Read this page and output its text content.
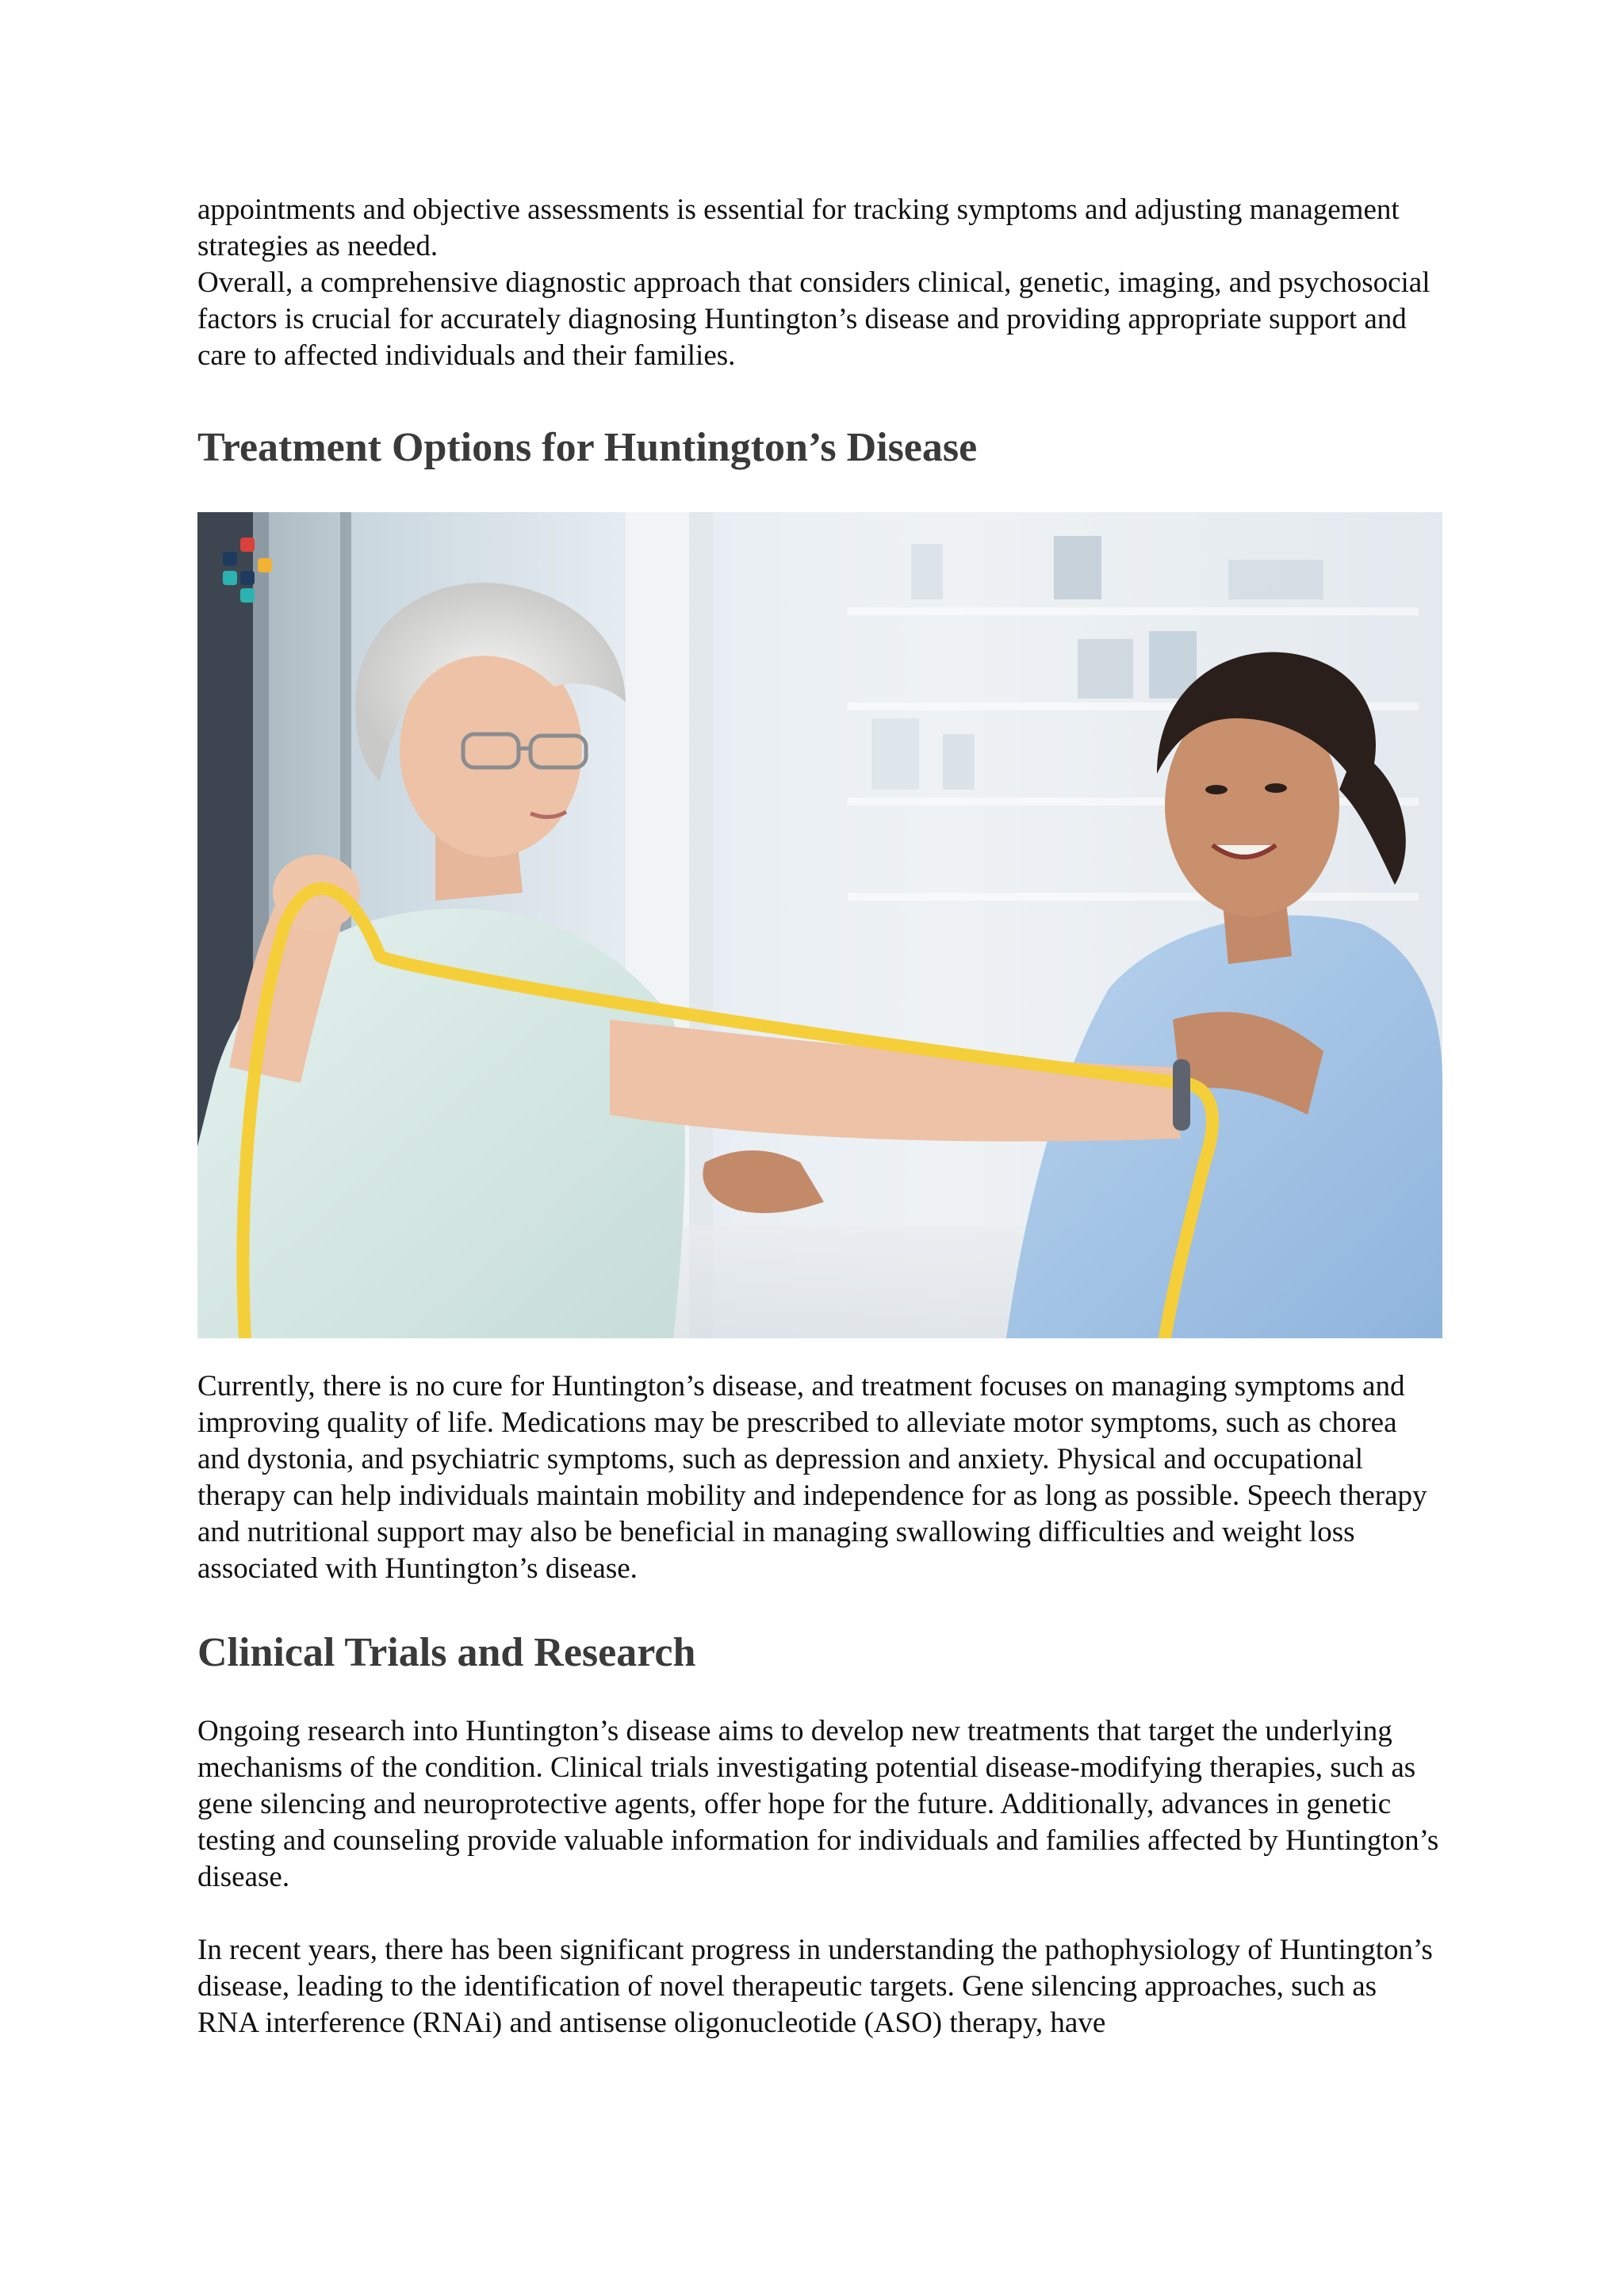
appointments and objective assessments is essential for tracking symptoms and adjusting management strategies as needed.

Overall, a comprehensive diagnostic approach that considers clinical, genetic, imaging, and psychosocial factors is crucial for accurately diagnosing Huntington’s disease and providing appropriate support and care to affected individuals and their families.

Treatment Options for Huntington’s Disease

Currently, there is no cure for Huntington’s disease, and treatment focuses on managing symptoms and improving quality of life. Medications may be prescribed to alleviate motor symptoms, such as chorea and dystonia, and psychiatric symptoms, such as depression and anxiety. Physical and occupational therapy can help individuals maintain mobility and independence for as long as possible. Speech therapy and nutritional support may also be beneficial in managing swallowing difficulties and weight loss associated with Huntington’s disease.

Clinical Trials and Research

Ongoing research into Huntington’s disease aims to develop new treatments that target the underlying mechanisms of the condition. Clinical trials investigating potential disease-modifying therapies, such as gene silencing and neuroprotective agents, offer hope for the future. Additionally, advances in genetic testing and counseling provide valuable information for individuals and families affected by Huntington’s disease.

In recent years, there has been significant progress in understanding the pathophysiology of Huntington’s disease, leading to the identification of novel therapeutic targets. Gene silencing approaches, such as RNA interference (RNAi) and antisense oligonucleotide (ASO) therapy, have
